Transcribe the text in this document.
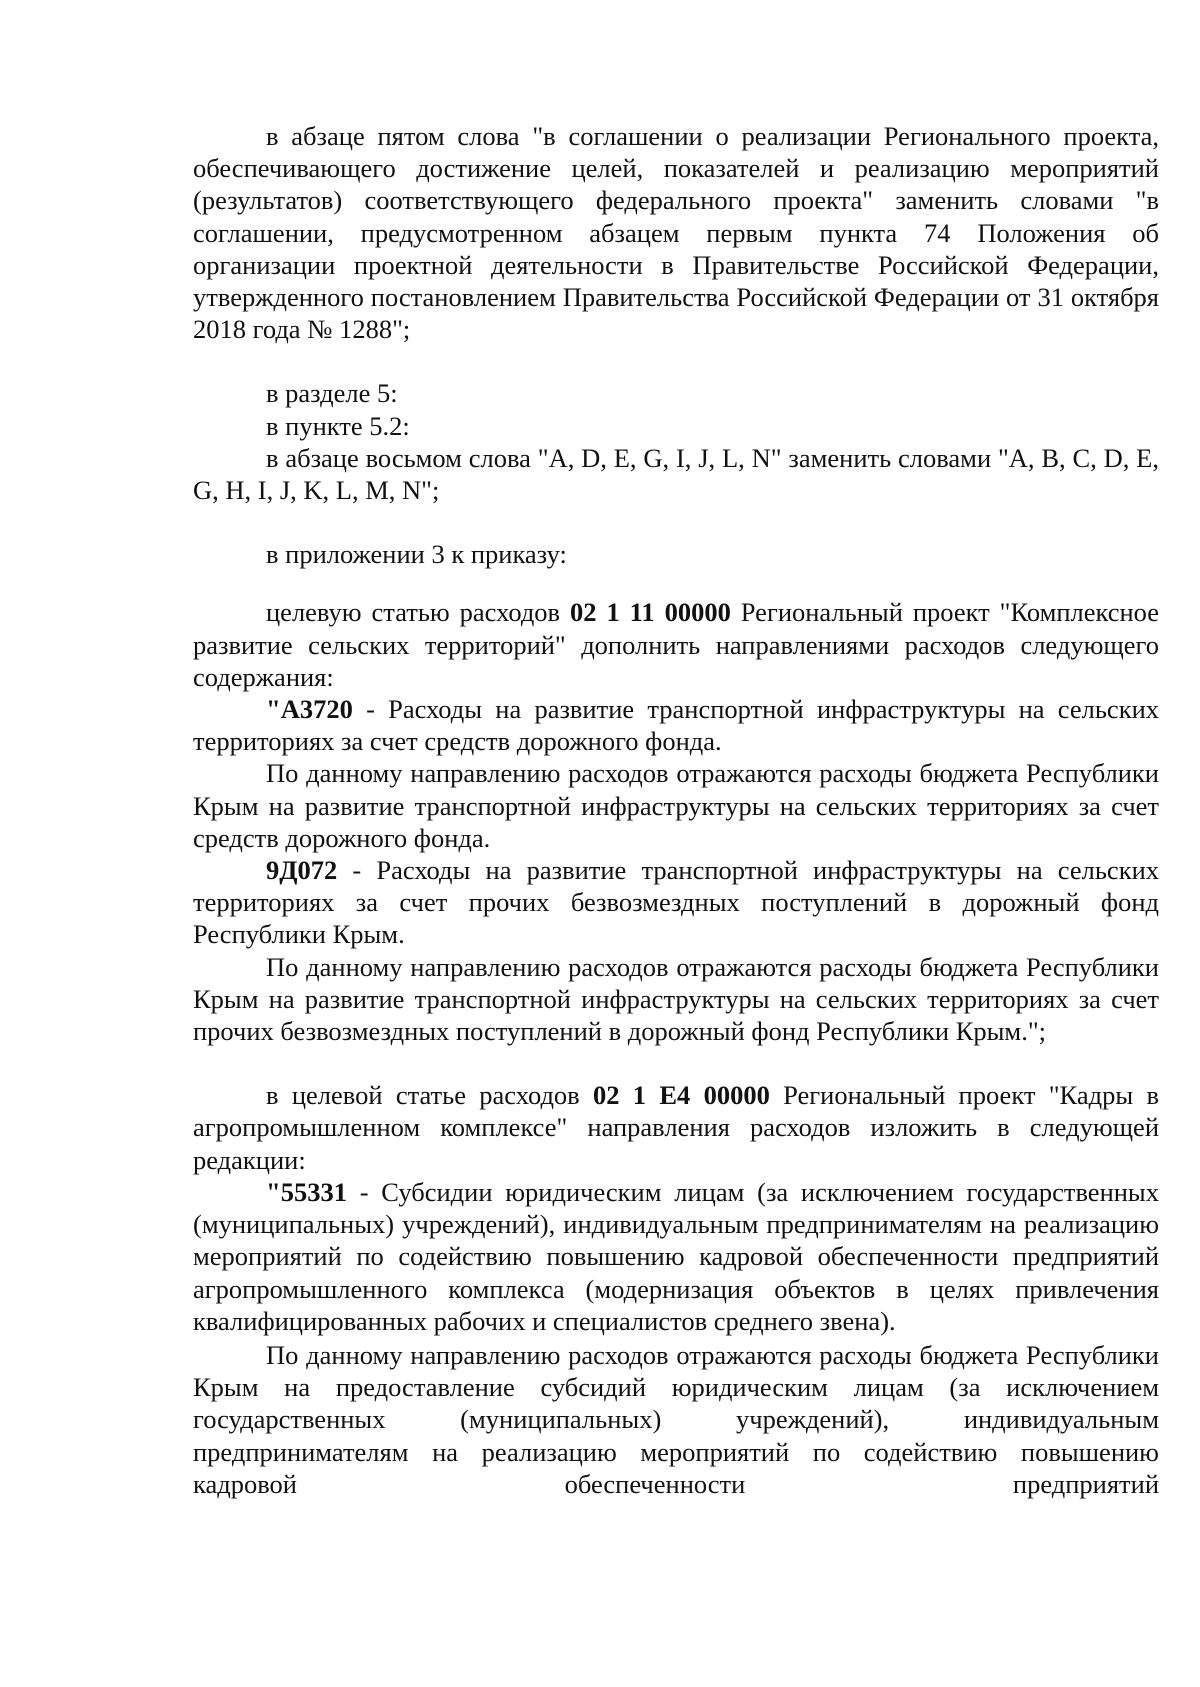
в абзаце пятом слова "в соглашении о реализации Регионального проекта, обеспечивающего достижение целей, показателей и реализацию мероприятий (результатов) соответствующего федерального проекта" заменить словами "в соглашении, предусмотренном абзацем первым пункта 74 Положения об организации проектной деятельности в Правительстве Российской Федерации, утвержденного постановлением Правительства Российской Федерации от 31 октября 2018 года № 1288";

в разделе 5:

в пункте 5.2:

в абзаце восьмом слова "A, D, E, G, I, J, L, N" заменить словами "A, B, C, D, E, G, H, I, J, K, L, M, N";

в приложении 3 к приказу:

целевую статью расходов 02 1 11 00000 Региональный проект "Комплексное развитие сельских территорий" дополнить направлениями расходов следующего содержания:

"А3720 - Расходы на развитие транспортной инфраструктуры на сельских территориях за счет средств дорожного фонда.

По данному направлению расходов отражаются расходы бюджета Республики Крым на развитие транспортной инфраструктуры на сельских территориях за счет средств дорожного фонда.

9Д072 - Расходы на развитие транспортной инфраструктуры на сельских территориях за счет прочих безвозмездных поступлений в дорожный фонд Республики Крым.

По данному направлению расходов отражаются расходы бюджета Республики Крым на развитие транспортной инфраструктуры на сельских территориях за счет прочих безвозмездных поступлений в дорожный фонд Республики Крым.";

в целевой статье расходов 02 1 Е4 00000 Региональный проект "Кадры в агропромышленном комплексе" направления расходов изложить в следующей редакции:

"55331 - Субсидии юридическим лицам (за исключением государственных (муниципальных) учреждений), индивидуальным предпринимателям на реализацию мероприятий по содействию повышению кадровой обеспеченности предприятий агропромышленного комплекса (модернизация объектов в целях привлечения квалифицированных рабочих и специалистов среднего звена).

По данному направлению расходов отражаются расходы бюджета Республики Крым на предоставление субсидий юридическим лицам (за исключением государственных (муниципальных) учреждений), индивидуальным предпринимателям на реализацию мероприятий по содействию повышению кадровой обеспеченности предприятий
